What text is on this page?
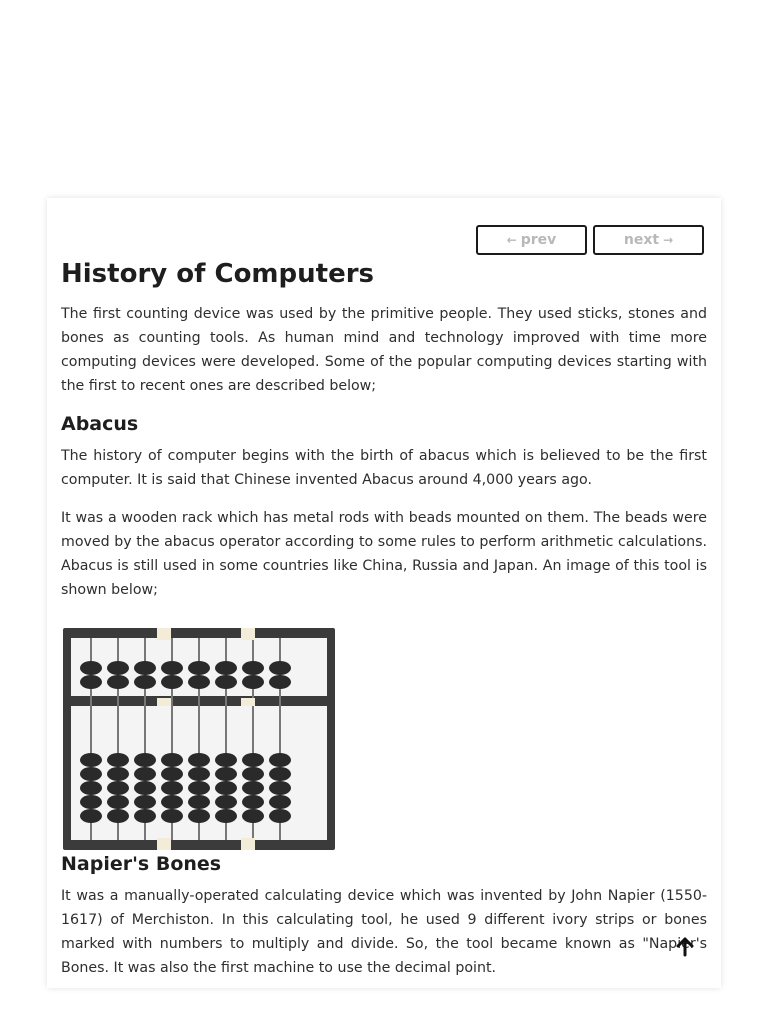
← prev	next →
History of Computers

The first counting device was used by the primitive people. They used sticks, stones and bones as counting tools. As human mind and technology improved with time more computing devices were developed. Some of the popular computing devices starting with the first to recent ones are described below;

Abacus

The history of computer begins with the birth of abacus which is believed to be the first computer. It is said that Chinese invented Abacus around 4,000 years ago.

It was a wooden rack which has metal rods with beads mounted on them. The beads were moved by the abacus operator according to some rules to perform arithmetic calculations. Abacus is still used in some countries like China, Russia and Japan. An image of this tool is shown below;

Napier's Bones

It was a manually-operated calculating device which was invented by John Napier (1550-1617) of Merchiston. In this calculating tool, he used 9 different ivory strips or bones marked with numbers to multiply and divide. So, the tool became known as "Napier's Bones. It was also the first machine to use the decimal point.
